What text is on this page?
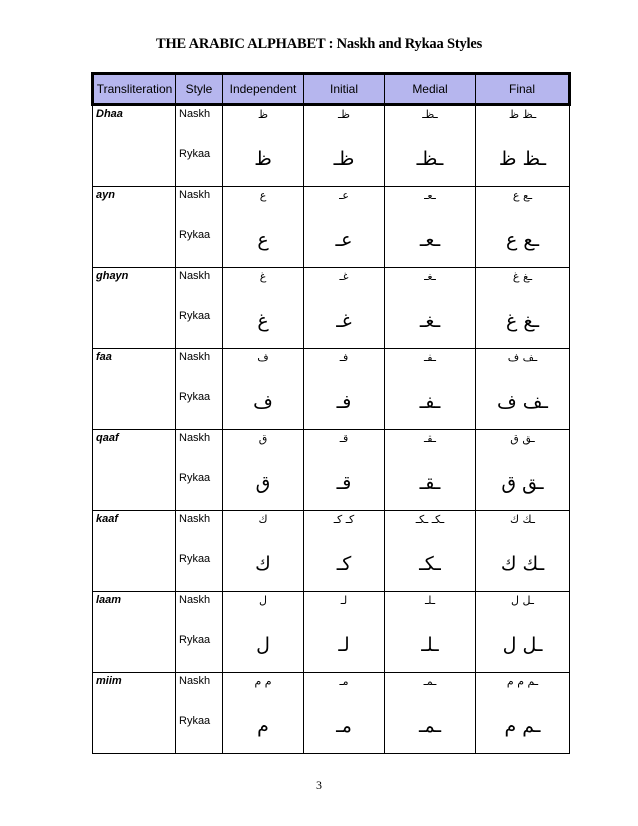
THE ARABIC ALPHABET : Naskh and Rykaa Styles
Transliteration	Style	Independent	Initial	Medial	Final
Dhaa	Naskh	ظ	ظـ	ـظـ	ـظ ظ
	Rykaa	ظ	ظـ	ـظـ	ـظ ظ
ayn	Naskh	ع	عـ	ـعـ	ـع ع
	Rykaa	ع	عـ	ـعـ	ـع ع
ghayn	Naskh	غ	غـ	ـغـ	ـغ غ
	Rykaa	غ	غـ	ـغـ	ـغ غ
faa	Naskh	ف	فـ	ـفـ	ـف ف
	Rykaa	ف	فـ	ـفـ	ـف ف
qaaf	Naskh	ق	قـ	ـقـ	ـق ق
	Rykaa	ق	قـ	ـقـ	ـق ق
kaaf	Naskh	ك	كـ کـ	ـكـ ـکـ	ـك ك
	Rykaa	ك	كـ	ـكـ	ـك ك
laam	Naskh	ل	لـ	ـلـ	ـل ل
	Rykaa	ل	لـ	ـلـ	ـل ل
miim	Naskh	م م	مـ	ـمـ	ـم م م
	Rykaa	م	مـ	ـمـ	ـم م
3
